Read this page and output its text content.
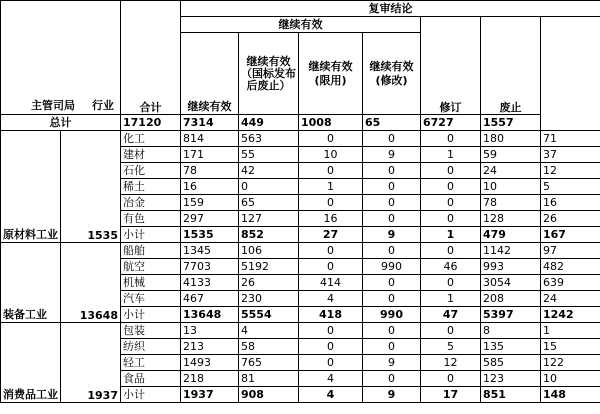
主管司局 行业		合计	复审结论						
			继续有效				修订	废止	
			继续有效	继续有效（国标发布后废止）	继续有效(限用)	继续有效(修改)			
总计		17120	7314	449	1008	65	6727	1557	
原材料工业	1535	化工	814	563	0	0	0	180	71
		建材	171	55	10	9	1	59	37
		石化	78	42	0	0	0	24	12
		稀土	16	0	1	0	0	10	5
		冶金	159	65	0	0	0	78	16
		有色	297	127	16	0	0	128	26
		小计	1535	852	27	9	1	479	167
装备工业	13648	船舶	1345	106	0	0	0	1142	97
		航空	7703	5192	0	990	46	993	482
		机械	4133	26	414	0	0	3054	639
		汽车	467	230	4	0	1	208	24
		小计	13648	5554	418	990	47	5397	1242
消费品工业	1937	包装	13	4	0	0	0	8	1
		纺织	213	58	0	0	5	135	15
		轻工	1493	765	0	9	12	585	122
		食品	218	81	4	0	0	123	10
		小计	1937	908	4	9	17	851	148
